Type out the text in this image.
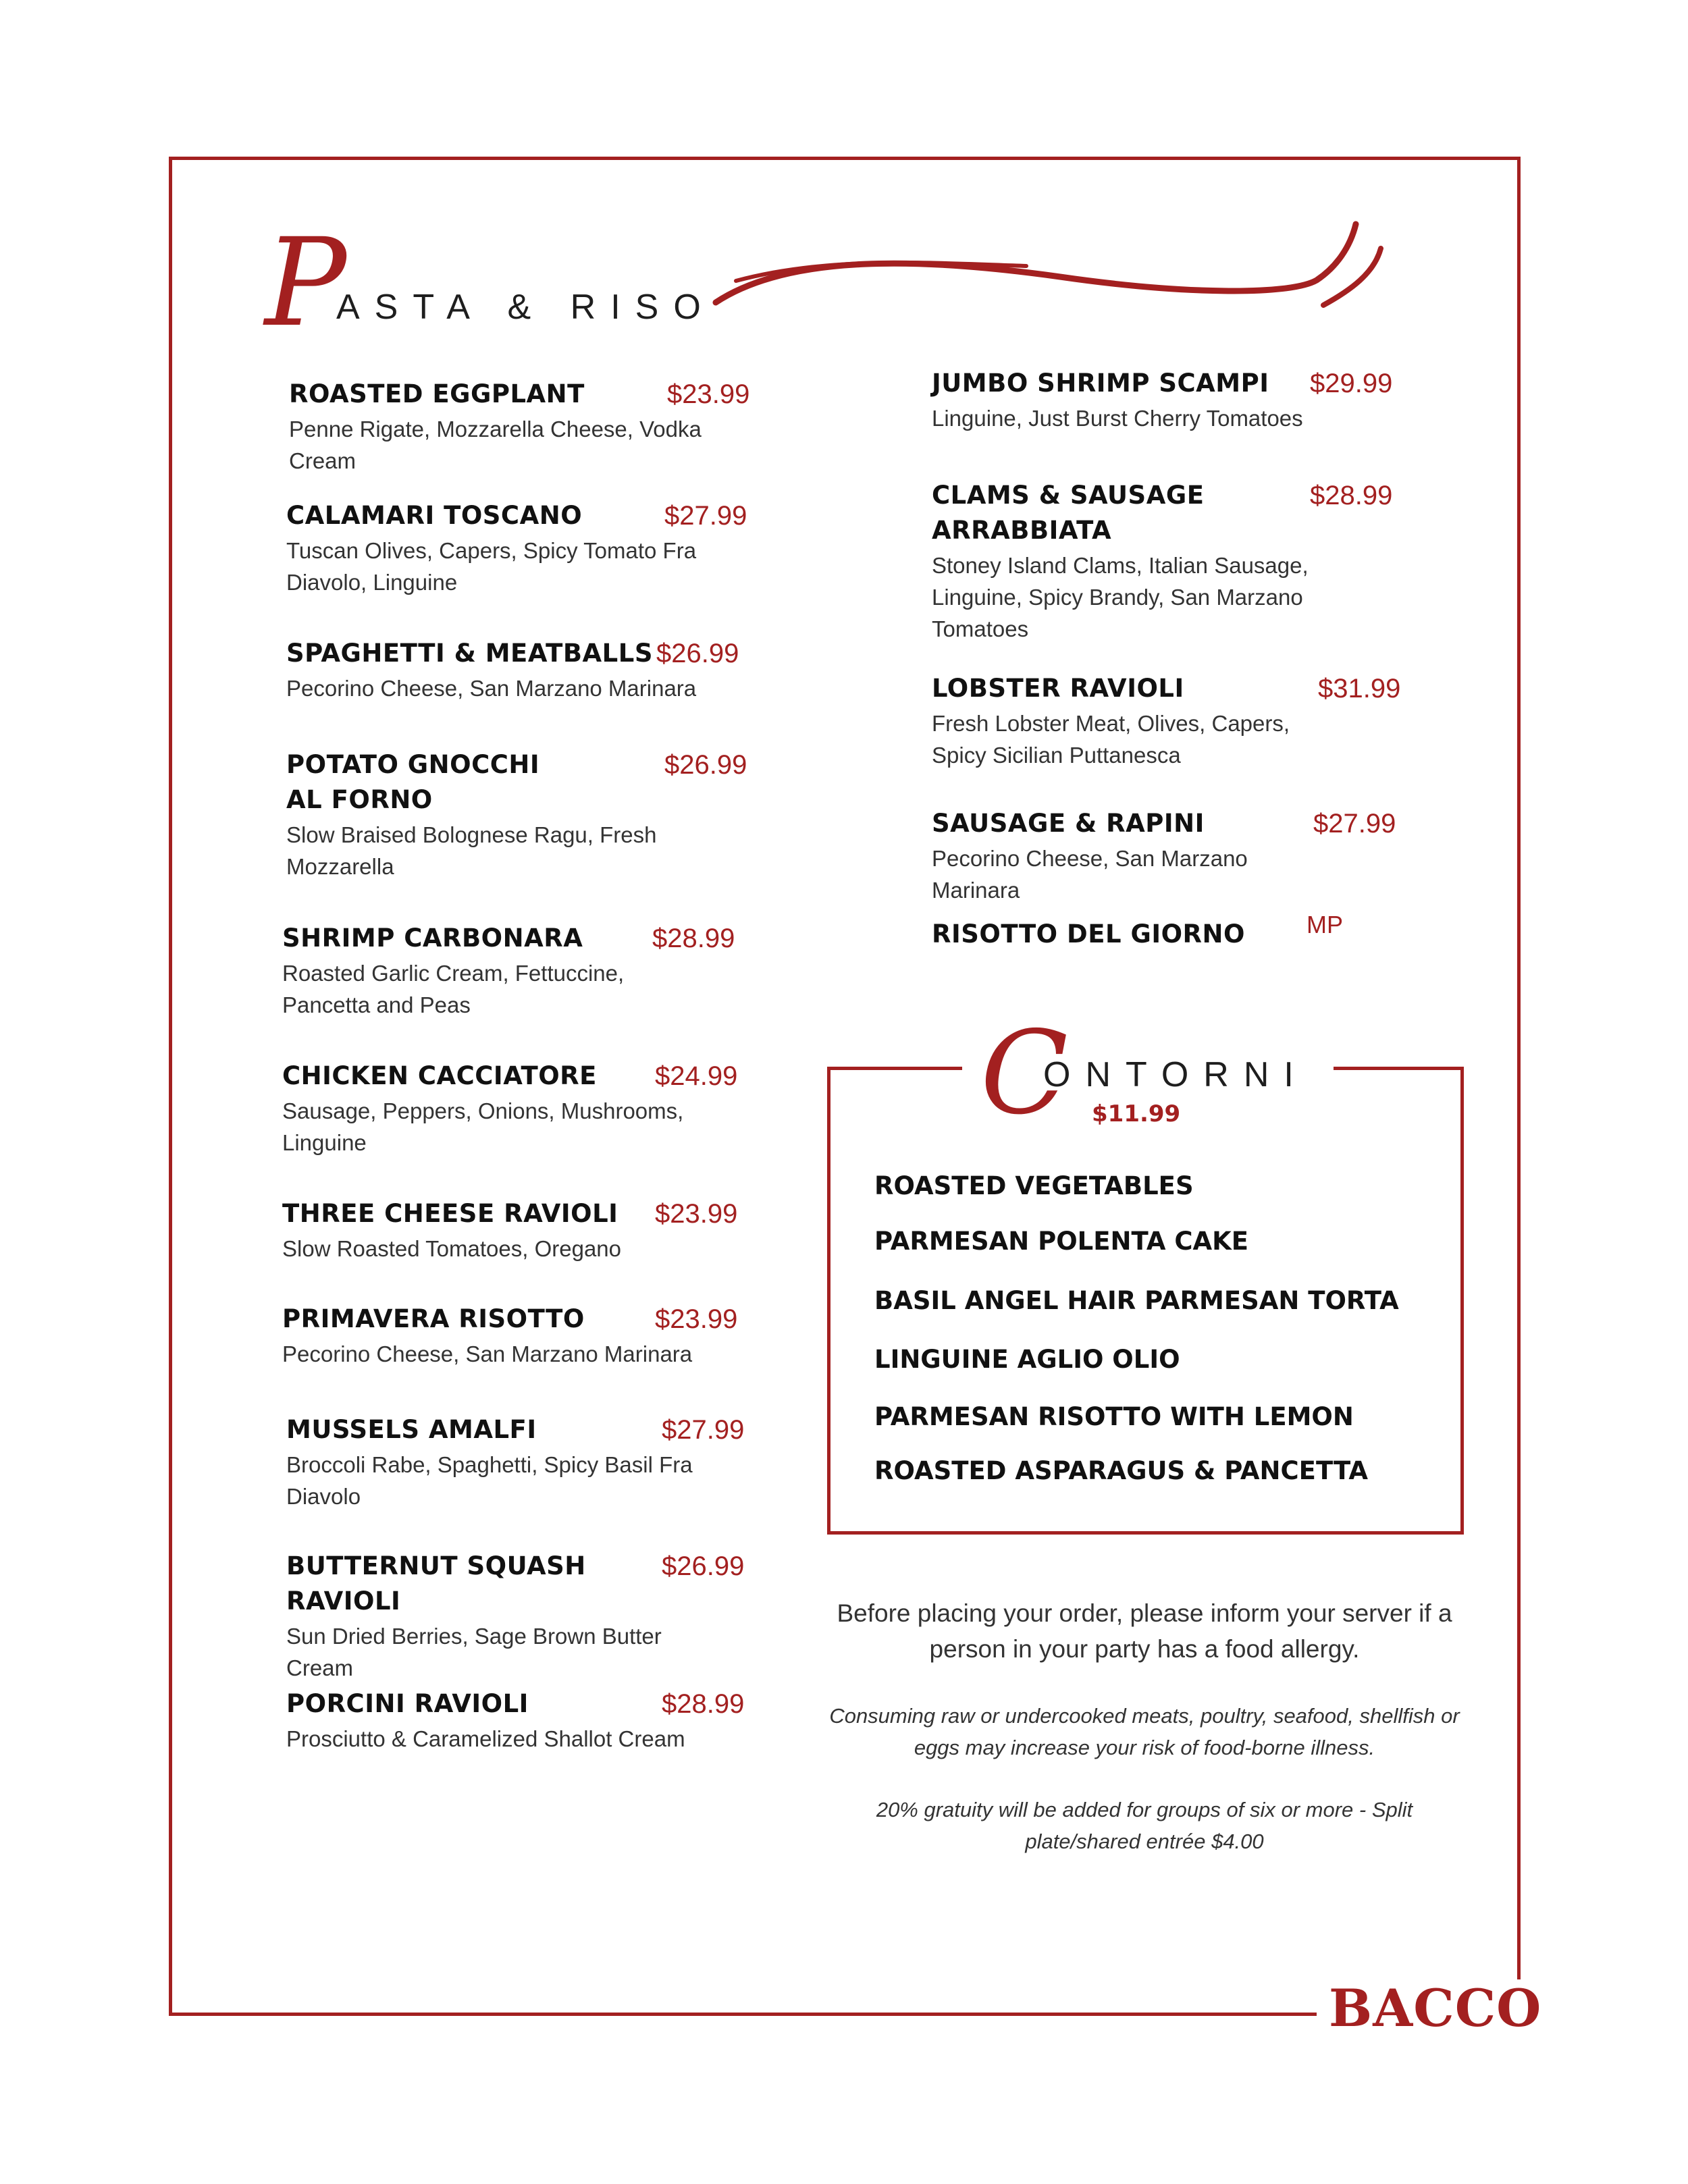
P
ASTA & RISO
ROASTED EGGPLANT	$23.99
Penne Rigate, Mozzarella Cheese, Vodka Cream
CALAMARI TOSCANO	$27.99
Tuscan Olives, Capers, Spicy Tomato Fra Diavolo, Linguine
SPAGHETTI & MEATBALLS $26.99
Pecorino Cheese, San Marzano Marinara
POTATO GNOCCHI AL FORNO
$26.99
Slow Braised Bolognese Ragu, Fresh Mozzarella
SHRIMP CARBONARA	$28.99
Roasted Garlic Cream, Fettuccine, Pancetta and Peas
CHICKEN CACCIATORE	$24.99
Sausage, Peppers, Onions, Mushrooms, Linguine
THREE CHEESE RAVIOLI	$23.99
Slow Roasted Tomatoes, Oregano
PRIMAVERA RISOTTO	$23.99
Pecorino Cheese, San Marzano Marinara
MUSSELS AMALFI	$27.99
Broccoli Rabe, Spaghetti, Spicy Basil Fra Diavolo
BUTTERNUT SQUASH RAVIOLI
$26.99
Sun Dried Berries, Sage Brown Butter Cream
PORCINI RAVIOLI	$28.99
Prosciutto & Caramelized Shallot Cream
JUMBO SHRIMP SCAMPI	$29.99
Linguine, Just Burst Cherry Tomatoes
CLAMS & SAUSAGE ARRABBIATA
$28.99
Stoney Island Clams, Italian Sausage, Linguine, Spicy Brandy, San Marzano Tomatoes
LOBSTER RAVIOLI	$31.99
Fresh Lobster Meat, Olives, Capers, Spicy Sicilian Puttanesca
SAUSAGE & RAPINI	$27.99
Pecorino Cheese, San Marzano Marinara
RISOTTO DEL GIORNO	MP
C
ONTORNI
$11.99
ROASTED VEGETABLES
PARMESAN POLENTA CAKE
BASIL ANGEL HAIR PARMESAN TORTA
LINGUINE AGLIO OLIO
PARMESAN RISOTTO WITH LEMON
ROASTED ASPARAGUS & PANCETTA
Before placing your order, please inform your server if a person in your party has a food allergy.
Consuming raw or undercooked meats, poultry, seafood, shellfish or eggs may increase your risk of food-borne illness.
20% gratuity will be added for groups of six or more - Split plate/shared entrée $4.00
BACCO
